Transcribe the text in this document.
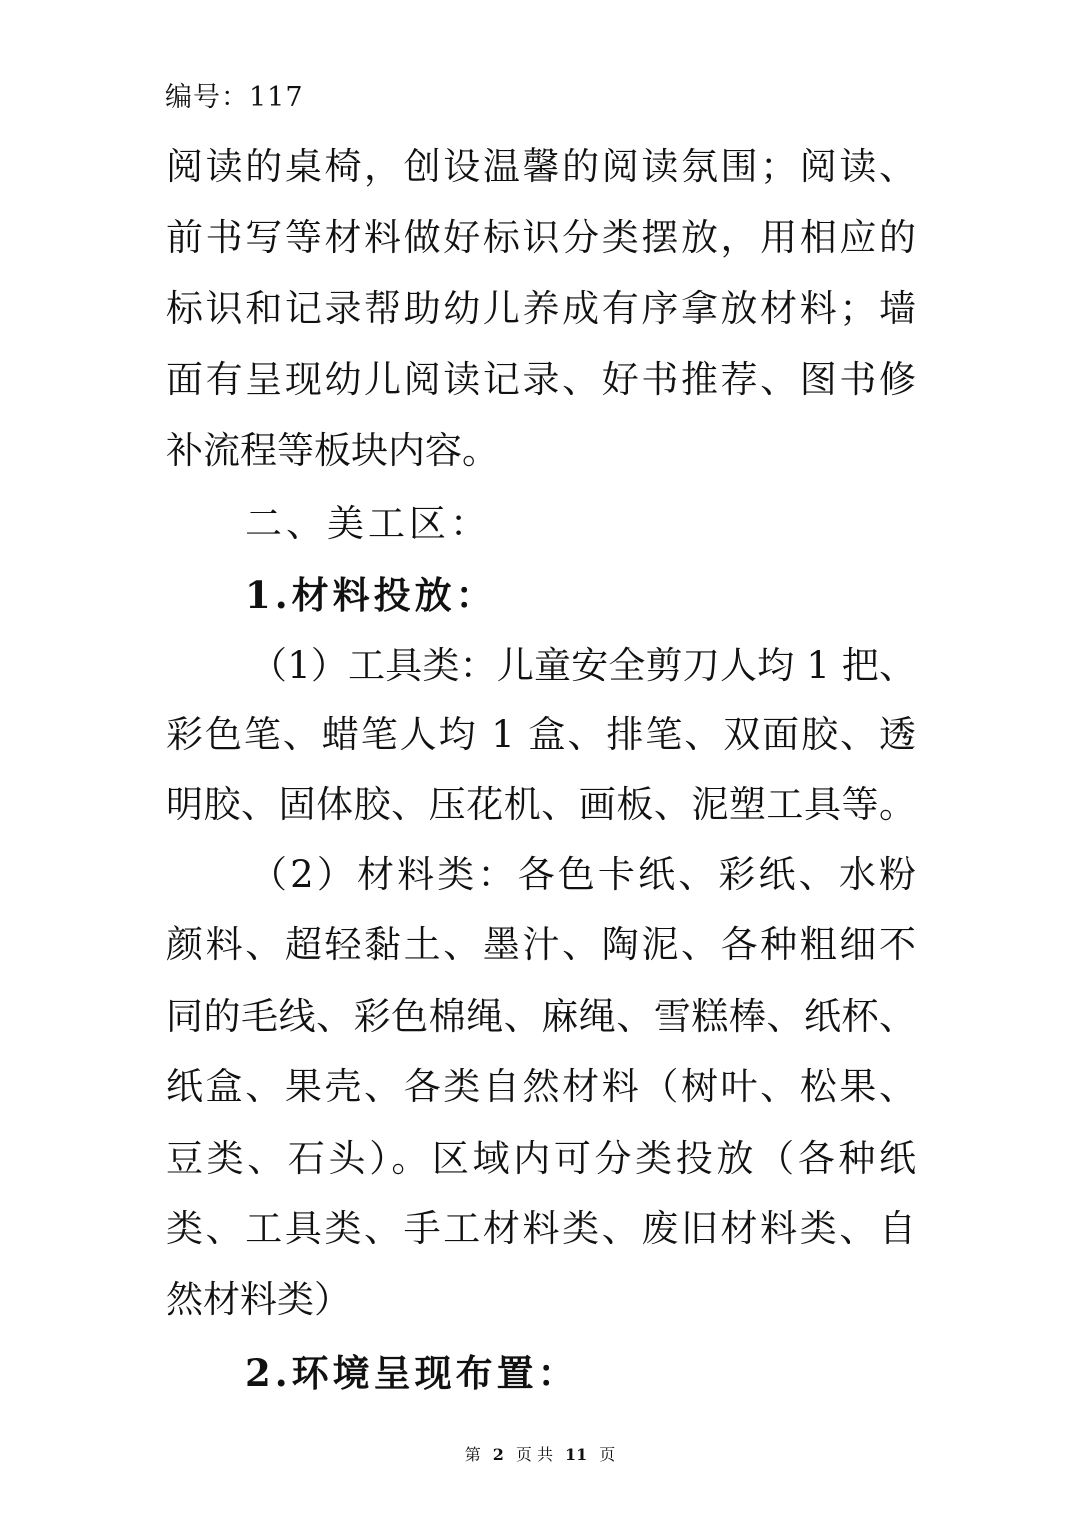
编号：117
阅读的桌椅，创设温馨的阅读氛围；阅读、
前书写等材料做好标识分类摆放，用相应的
标识和记录帮助幼儿养成有序拿放材料；墙
面有呈现幼儿阅读记录、好书推荐、图书修
补流程等板块内容。
二、美工区：
1.材料投放：
（1）工具类：儿童安全剪刀人均 1 把、
彩色笔、蜡笔人均 1 盒、排笔、双面胶、透
明胶、固体胶、压花机、画板、泥塑工具等。
（2）材料类：各色卡纸、彩纸、水粉
颜料、超轻黏土、墨汁、陶泥、各种粗细不
同的毛线、彩色棉绳、麻绳、雪糕棒、纸杯、
纸盒、果壳、各类自然材料（树叶、松果、
豆类、石头）。区域内可分类投放（各种纸
类、工具类、手工材料类、废旧材料类、自
然材料类）
2.环境呈现布置：
第 2 页 共 11 页
